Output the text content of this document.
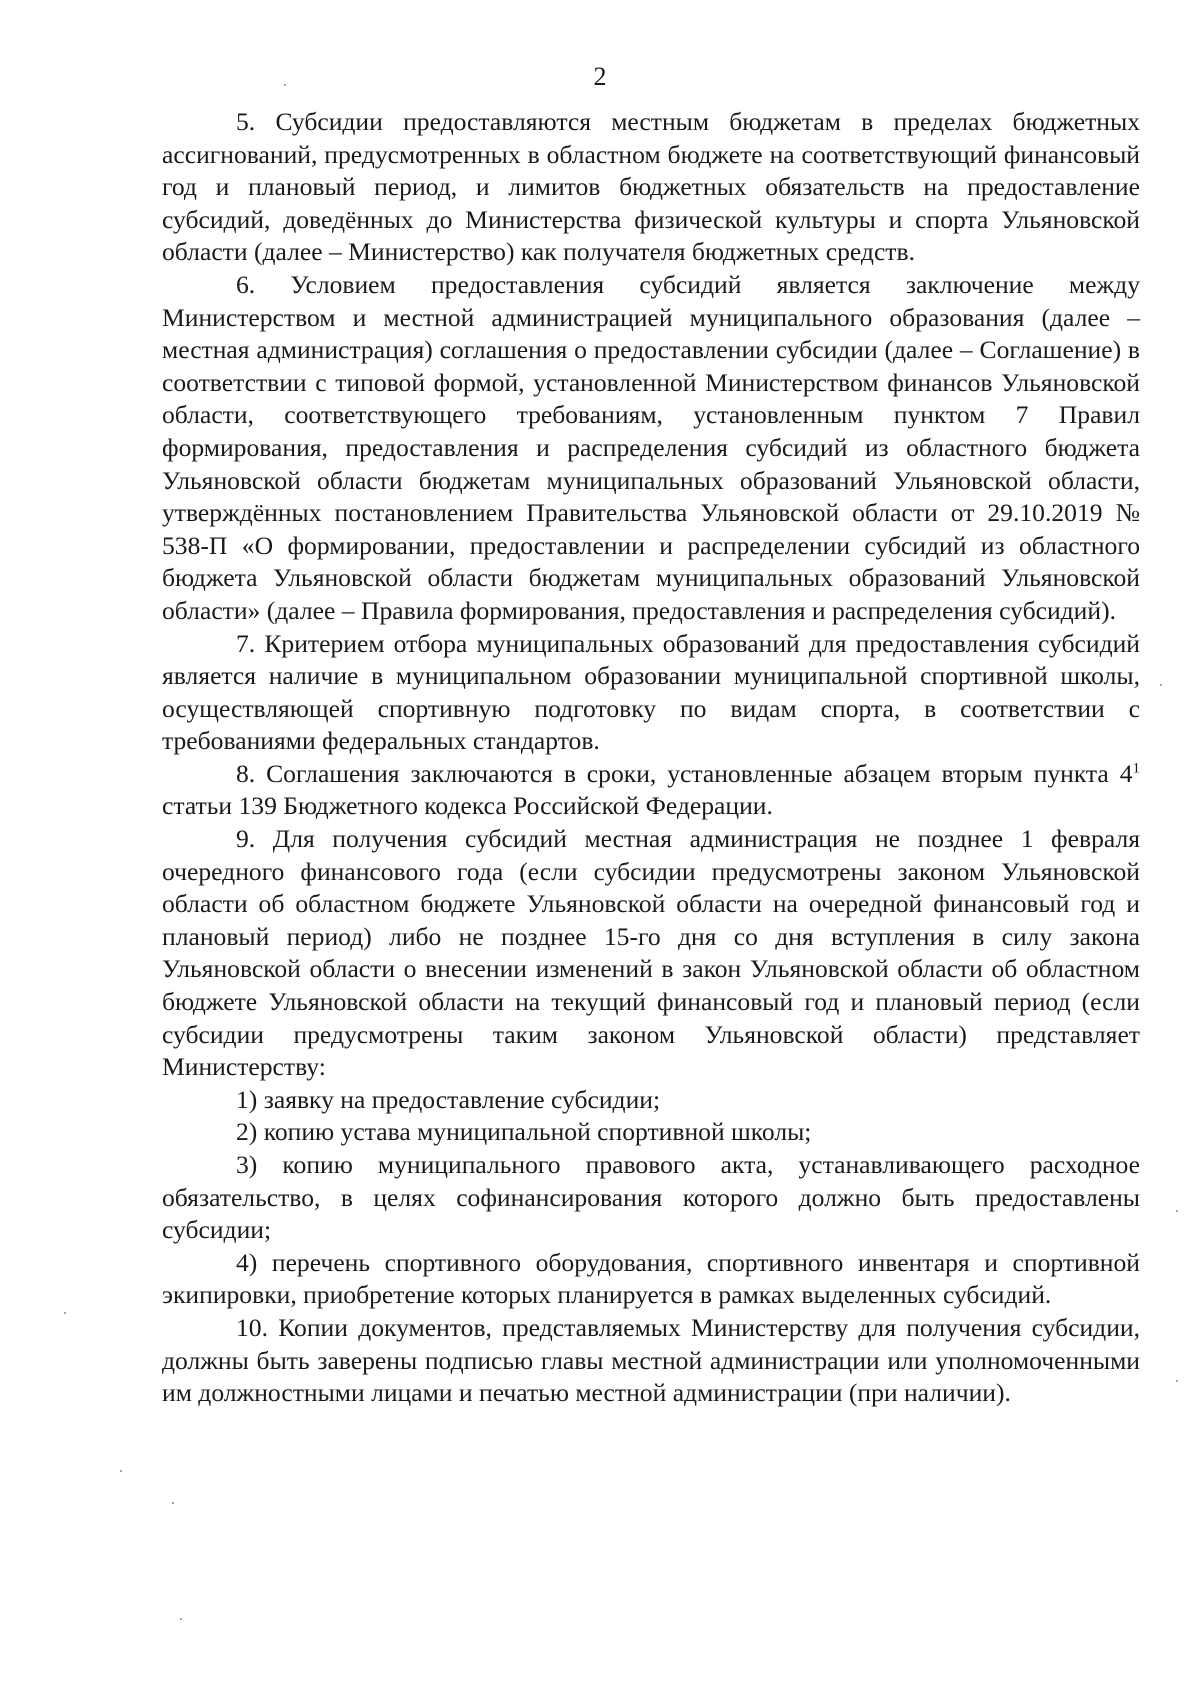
2

5. Субсидии предоставляются местным бюджетам в пределах бюджетных ассигнований, предусмотренных в областном бюджете на соответствующий финансовый год и плановый период, и лимитов бюджетных обязательств на предоставление субсидий, доведённых до Министерства физической культуры и спорта Ульяновской области (далее – Министерство) как получателя бюджетных средств.

6. Условием предоставления субсидий является заключение между Министерством и местной администрацией муниципального образования (далее – местная администрация) соглашения о предоставлении субсидии (далее – Соглашение) в соответствии с типовой формой, установленной Министерством финансов Ульяновской области, соответствующего требованиям, установленным пунктом 7 Правил формирования, предоставления и распределения субсидий из областного бюджета Ульяновской области бюджетам муниципальных образований Ульяновской области, утверждённых постановлением Правительства Ульяновской области от 29.10.2019 № 538-П «О формировании, предоставлении и распределении субсидий из областного бюджета Ульяновской области бюджетам муниципальных образований Ульяновской области» (далее – Правила формирования, предоставления и распределения субсидий).

7. Критерием отбора муниципальных образований для предоставления субсидий является наличие в муниципальном образовании муниципальной спортивной школы, осуществляющей спортивную подготовку по видам спорта, в соответствии с требованиями федеральных стандартов.

8. Соглашения заключаются в сроки, установленные абзацем вторым пункта $4^1$ статьи 139 Бюджетного кодекса Российской Федерации.

9. Для получения субсидий местная администрация не позднее 1 февраля очередного финансового года (если субсидии предусмотрены законом Ульяновской области об областном бюджете Ульяновской области на очередной финансовый год и плановый период) либо не позднее 15-го дня со дня вступления в силу закона Ульяновской области о внесении изменений в закон Ульяновской области об областном бюджете Ульяновской области на текущий финансовый год и плановый период (если субсидии предусмотрены таким законом Ульяновской области) представляет Министерству:

1) заявку на предоставление субсидии;

2) копию устава муниципальной спортивной школы;

3) копию муниципального правового акта, устанавливающего расходное обязательство, в целях софинансирования которого должно быть предоставлены субсидии;

4) перечень спортивного оборудования, спортивного инвентаря и спортивной экипировки, приобретение которых планируется в рамках выделенных субсидий.

10. Копии документов, представляемых Министерству для получения субсидии, должны быть заверены подписью главы местной администрации или уполномоченными им должностными лицами и печатью местной администрации (при наличии).
